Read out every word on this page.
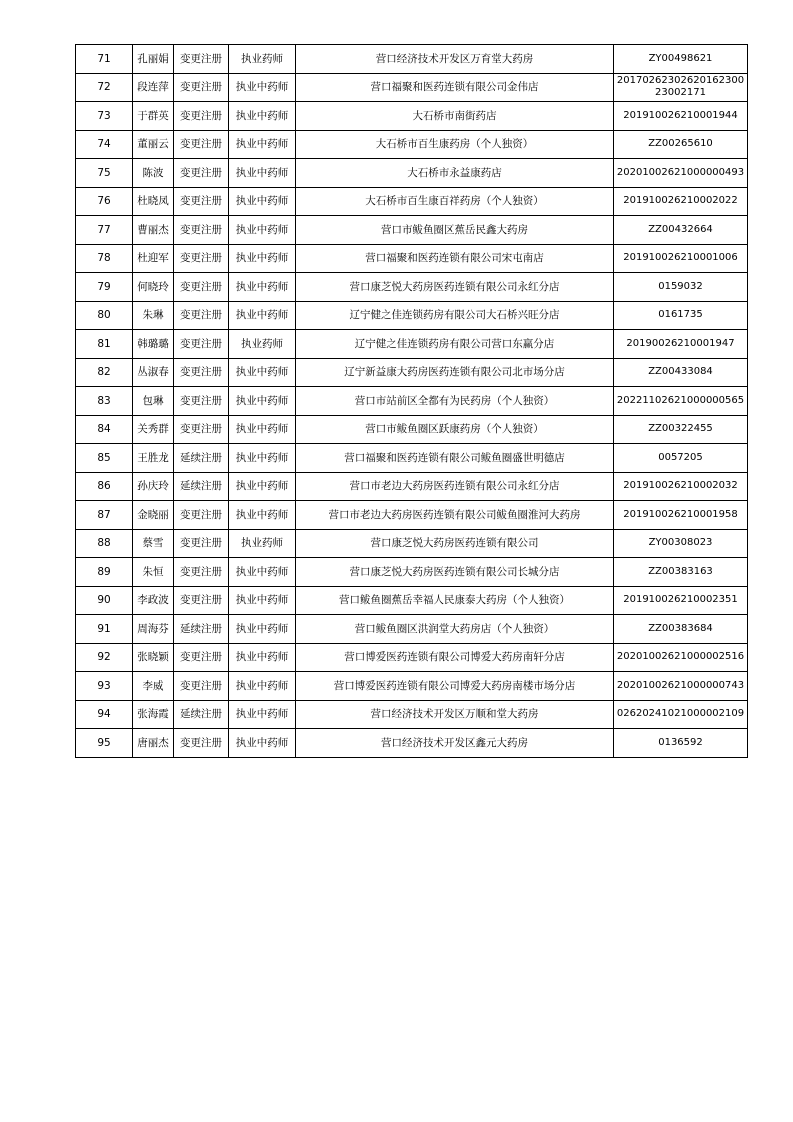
71	孔丽娟	变更注册	执业药师	营口经济技术开发区万育堂大药房	ZY00498621
72	段连萍	变更注册	执业中药师	营口福聚和医药连锁有限公司金伟店	2017026230262016230023002171
73	于群英	变更注册	执业中药师	大石桥市南街药店	201910026210001944
74	董丽云	变更注册	执业中药师	大石桥市百生康药房（个人独资）	ZZ00265610
75	陈波	变更注册	执业中药师	大石桥市永益康药店	20201002621000000493
76	杜晓凤	变更注册	执业中药师	大石桥市百生康百祥药房（个人独资）	201910026210002022
77	曹丽杰	变更注册	执业中药师	营口市鲅鱼圈区蕉岳民鑫大药房	ZZ00432664
78	杜迎军	变更注册	执业中药师	营口福聚和医药连锁有限公司宋屯南店	201910026210001006
79	何晓玲	变更注册	执业中药师	营口康芝悦大药房医药连锁有限公司永红分店	0159032
80	朱琳	变更注册	执业中药师	辽宁健之佳连锁药房有限公司大石桥兴旺分店	0161735
81	韩璐璐	变更注册	执业药师	辽宁健之佳连锁药房有限公司营口东赢分店	20190026210001947
82	丛淑春	变更注册	执业中药师	辽宁新益康大药房医药连锁有限公司北市场分店	ZZ00433084
83	包琳	变更注册	执业中药师	营口市站前区全都有为民药房（个人独资）	20221102621000000565
84	关秀群	变更注册	执业中药师	营口市鲅鱼圈区跃康药房（个人独资）	ZZ00322455
85	王胜龙	延续注册	执业中药师	营口福聚和医药连锁有限公司鲅鱼圈盛世明德店	0057205
86	孙庆玲	延续注册	执业中药师	营口市老边大药房医药连锁有限公司永红分店	201910026210002032
87	金晓丽	变更注册	执业中药师	营口市老边大药房医药连锁有限公司鲅鱼圈淮河大药房	201910026210001958
88	蔡雪	变更注册	执业药师	营口康芝悦大药房医药连锁有限公司	ZY00308023
89	朱恒	变更注册	执业中药师	营口康芝悦大药房医药连锁有限公司长城分店	ZZ00383163
90	李政波	变更注册	执业中药师	营口鲅鱼圈蕉岳幸福人民康泰大药房（个人独资）	201910026210002351
91	周海芬	延续注册	执业中药师	营口鲅鱼圈区洪润堂大药房店（个人独资）	ZZ00383684
92	张晓颖	变更注册	执业中药师	营口博爱医药连锁有限公司博爱大药房南轩分店	20201002621000002516
93	李威	变更注册	执业中药师	营口博爱医药连锁有限公司博爱大药房南楼市场分店	20201002621000000743
94	张海霞	延续注册	执业中药师	营口经济技术开发区万顺和堂大药房	02620241021000002109
95	唐丽杰	变更注册	执业中药师	营口经济技术开发区鑫元大药房	0136592
